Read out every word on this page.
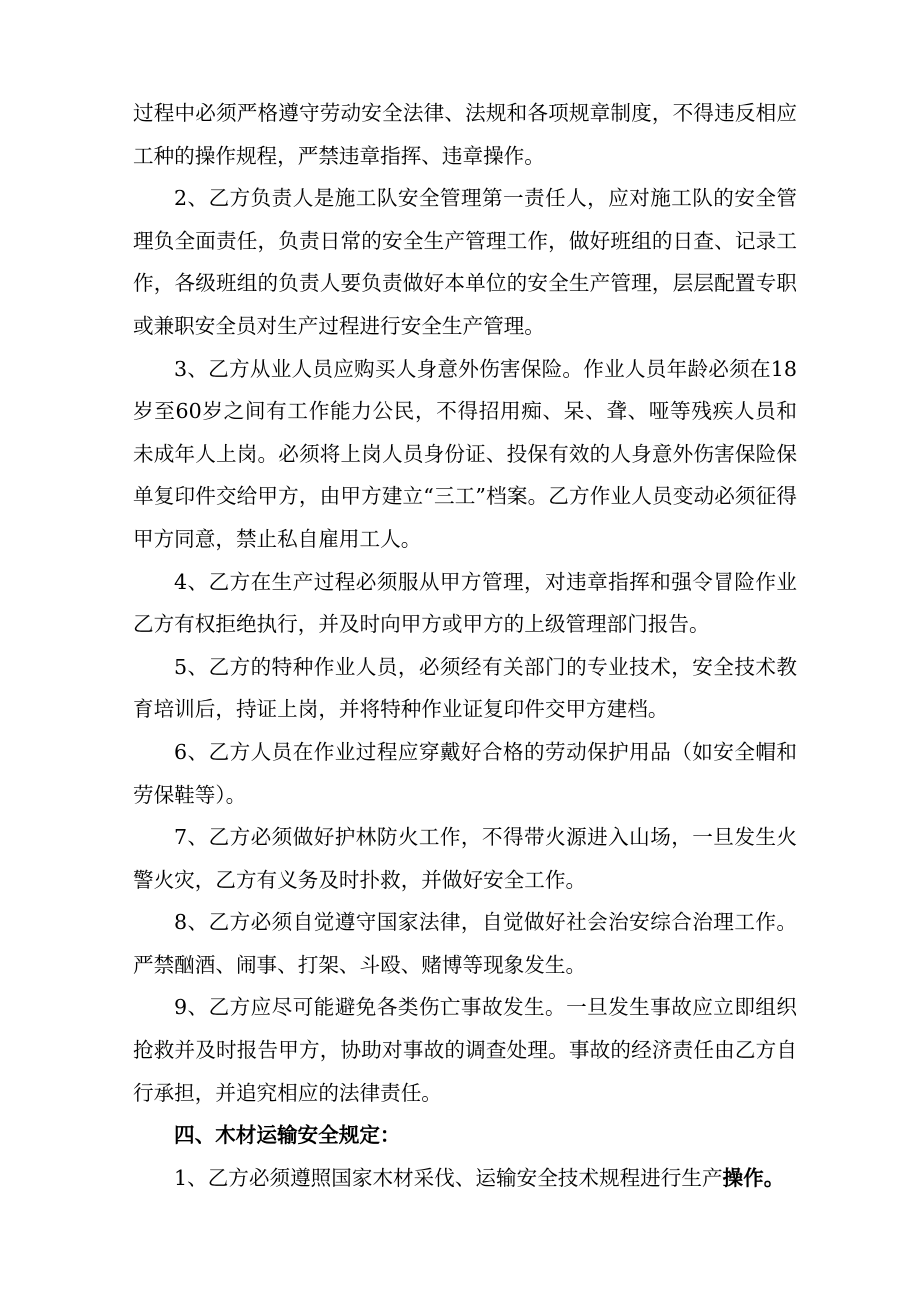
过程中必须严格遵守劳动安全法律、法规和各项规章制度，不得违反相应工种的操作规程，严禁违章指挥、违章操作。

2、乙方负责人是施工队安全管理第一责任人，应对施工队的安全管理负全面责任，负责日常的安全生产管理工作，做好班组的日查、记录工作，各级班组的负责人要负责做好本单位的安全生产管理，层层配置专职或兼职安全员对生产过程进行安全生产管理。

3、乙方从业人员应购买人身意外伤害保险。作业人员年龄必须在18岁至60岁之间有工作能力公民，不得招用痴、呆、聋、哑等残疾人员和未成年人上岗。必须将上岗人员身份证、投保有效的人身意外伤害保险保单复印件交给甲方，由甲方建立“三工”档案。乙方作业人员变动必须征得甲方同意，禁止私自雇用工人。

4、乙方在生产过程必须服从甲方管理，对违章指挥和强令冒险作业乙方有权拒绝执行，并及时向甲方或甲方的上级管理部门报告。

5、乙方的特种作业人员，必须经有关部门的专业技术，安全技术教育培训后，持证上岗，并将特种作业证复印件交甲方建档。

6、乙方人员在作业过程应穿戴好合格的劳动保护用品（如安全帽和劳保鞋等）。

7、乙方必须做好护林防火工作，不得带火源进入山场，一旦发生火警火灾，乙方有义务及时扑救，并做好安全工作。

8、乙方必须自觉遵守国家法律，自觉做好社会治安综合治理工作。严禁酗酒、闹事、打架、斗殴、赌博等现象发生。

9、乙方应尽可能避免各类伤亡事故发生。一旦发生事故应立即组织抢救并及时报告甲方，协助对事故的调查处理。事故的经济责任由乙方自行承担，并追究相应的法律责任。

四、木材运输安全规定：

1、乙方必须遵照国家木材采伐、运输安全技术规程进行生产操作。
